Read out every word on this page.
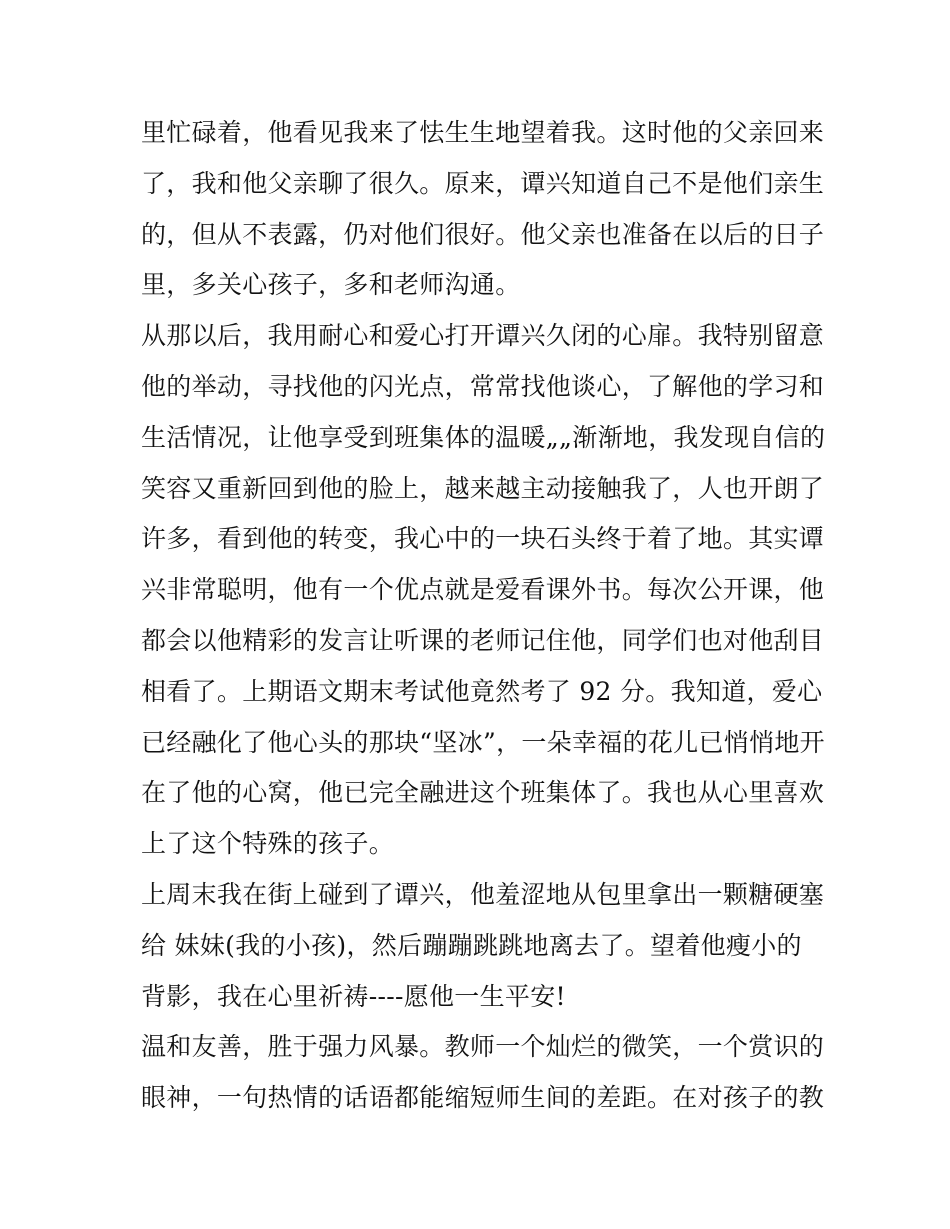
里忙碌着，他看见我来了怯生生地望着我。这时他的父亲回来
了，我和他父亲聊了很久。原来，谭兴知道自己不是他们亲生
的，但从不表露，仍对他们很好。他父亲也准备在以后的日子
里，多关心孩子，多和老师沟通。
从那以后，我用耐心和爱心打开谭兴久闭的心扉。我特别留意
他的举动，寻找他的闪光点，常常找他谈心，了解他的学习和
生活情况，让他享受到班集体的温暖„„渐渐地，我发现自信的
笑容又重新回到他的脸上，越来越主动接触我了，人也开朗了
许多，看到他的转变，我心中的一块石头终于着了地。其实谭
兴非常聪明，他有一个优点就是爱看课外书。每次公开课，他
都会以他精彩的发言让听课的老师记住他，同学们也对他刮目
相看了。上期语文期末考试他竟然考了 92 分。我知道，爱心
已经融化了他心头的那块“坚冰”，一朵幸福的花儿已悄悄地开
在了他的心窝，他已完全融进这个班集体了。我也从心里喜欢
上了这个特殊的孩子。
上周末我在街上碰到了谭兴，他羞涩地从包里拿出一颗糖硬塞
给 妹妹(我的小孩)，然后蹦蹦跳跳地离去了。望着他瘦小的
背影，我在心里祈祷----愿他一生平安!
温和友善，胜于强力风暴。教师一个灿烂的微笑，一个赏识的
眼神，一句热情的话语都能缩短师生间的差距。在对孩子的教
